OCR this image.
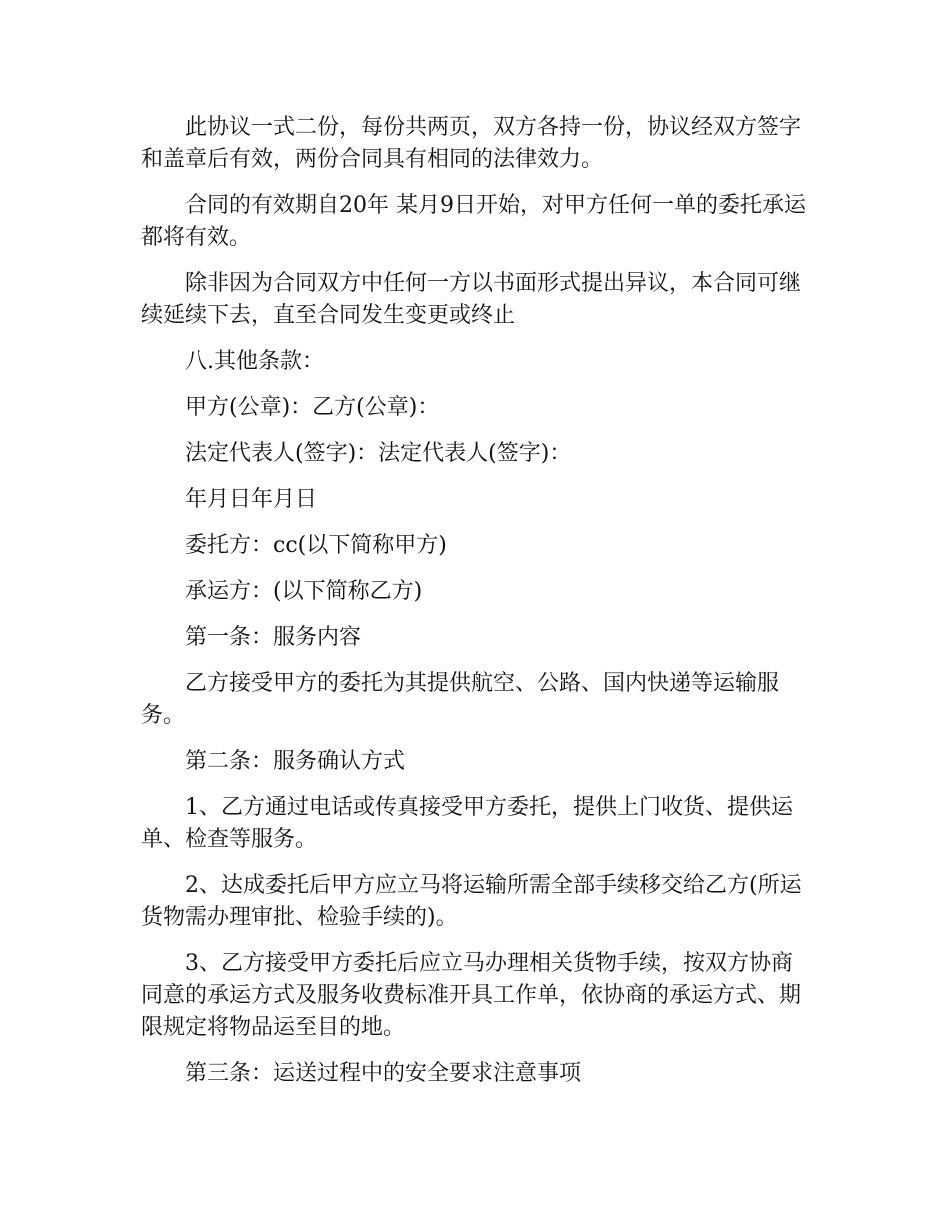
此协议一式二份，每份共两页，双方各持一份，协议经双方签字和盖章后有效，两份合同具有相同的法律效力。

合同的有效期自20年 某月9日开始，对甲方任何一单的委托承运都将有效。

除非因为合同双方中任何一方以书面形式提出异议，本合同可继续延续下去，直至合同发生变更或终止

八.其他条款：

甲方(公章)：乙方(公章)：

法定代表人(签字)：法定代表人(签字)：

年月日年月日

委托方：cc(以下简称甲方)

承运方：(以下简称乙方)

第一条：服务内容

乙方接受甲方的委托为其提供航空、公路、国内快递等运输服务。

第二条：服务确认方式

1、乙方通过电话或传真接受甲方委托，提供上门收货、提供运单、检查等服务。

2、达成委托后甲方应立马将运输所需全部手续移交给乙方(所运货物需办理审批、检验手续的)。

3、乙方接受甲方委托后应立马办理相关货物手续，按双方协商同意的承运方式及服务收费标准开具工作单，依协商的承运方式、期限规定将物品运至目的地。

第三条：运送过程中的安全要求注意事项
